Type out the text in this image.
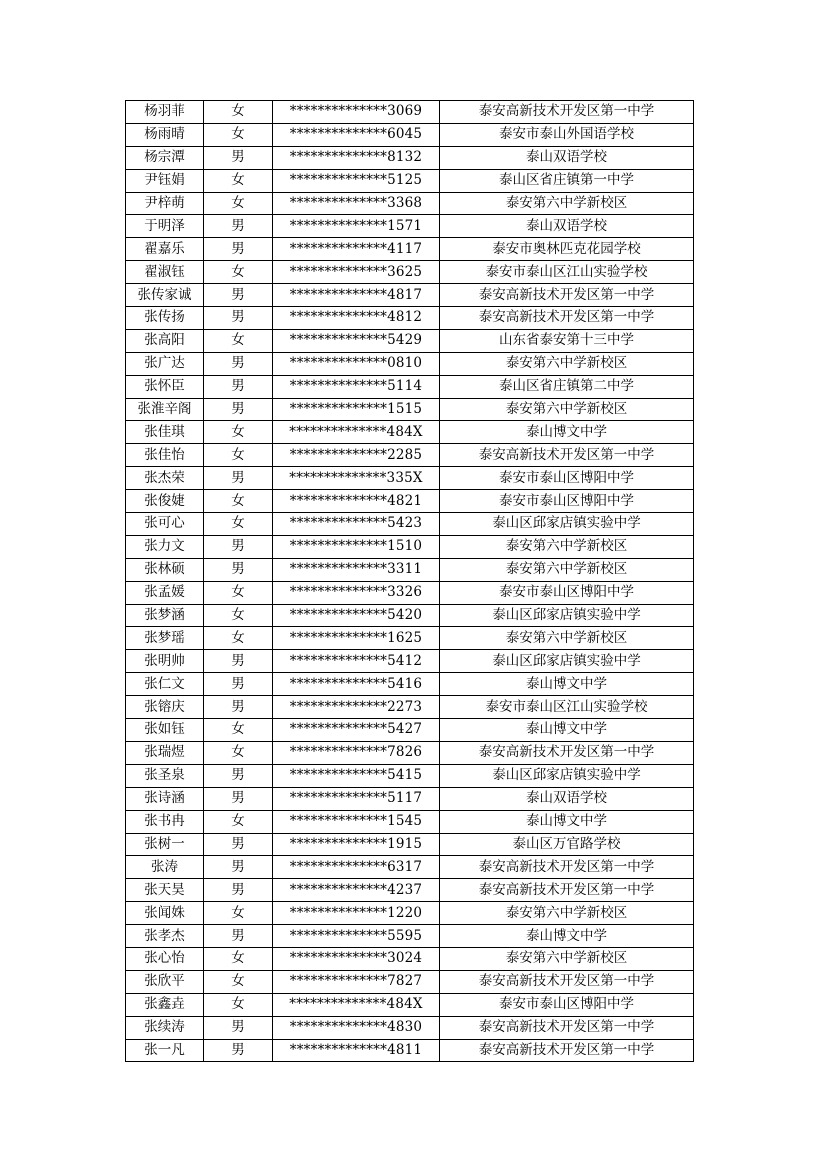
杨羽菲	女	**************3069	泰安高新技术开发区第一中学
杨雨晴	女	**************6045	泰安市泰山外国语学校
杨宗潭	男	**************8132	泰山双语学校
尹钰娟	女	**************5125	泰山区省庄镇第一中学
尹梓萌	女	**************3368	泰安第六中学新校区
于明泽	男	**************1571	泰山双语学校
翟嘉乐	男	**************4117	泰安市奥林匹克花园学校
翟淑钰	女	**************3625	泰安市泰山区江山实验学校
张传家诚	男	**************4817	泰安高新技术开发区第一中学
张传扬	男	**************4812	泰安高新技术开发区第一中学
张高阳	女	**************5429	山东省泰安第十三中学
张广达	男	**************0810	泰安第六中学新校区
张怀臣	男	**************5114	泰山区省庄镇第二中学
张淮辛阁	男	**************1515	泰安第六中学新校区
张佳琪	女	**************484X	泰山博文中学
张佳怡	女	**************2285	泰安高新技术开发区第一中学
张杰荣	男	**************335X	泰安市泰山区博阳中学
张俊婕	女	**************4821	泰安市泰山区博阳中学
张可心	女	**************5423	泰山区邱家店镇实验中学
张力文	男	**************1510	泰安第六中学新校区
张林硕	男	**************3311	泰安第六中学新校区
张孟媛	女	**************3326	泰安市泰山区博阳中学
张梦涵	女	**************5420	泰山区邱家店镇实验中学
张梦瑶	女	**************1625	泰安第六中学新校区
张明帅	男	**************5412	泰山区邱家店镇实验中学
张仁文	男	**************5416	泰山博文中学
张镕庆	男	**************2273	泰安市泰山区江山实验学校
张如钰	女	**************5427	泰山博文中学
张瑞煜	女	**************7826	泰安高新技术开发区第一中学
张圣泉	男	**************5415	泰山区邱家店镇实验中学
张诗涵	男	**************5117	泰山双语学校
张书冉	女	**************1545	泰山博文中学
张树一	男	**************1915	泰山区万官路学校
张涛	男	**************6317	泰安高新技术开发区第一中学
张天昊	男	**************4237	泰安高新技术开发区第一中学
张闻姝	女	**************1220	泰安第六中学新校区
张孝杰	男	**************5595	泰山博文中学
张心怡	女	**************3024	泰安第六中学新校区
张欣平	女	**************7827	泰安高新技术开发区第一中学
张鑫垚	女	**************484X	泰安市泰山区博阳中学
张续涛	男	**************4830	泰安高新技术开发区第一中学
张一凡	男	**************4811	泰安高新技术开发区第一中学
